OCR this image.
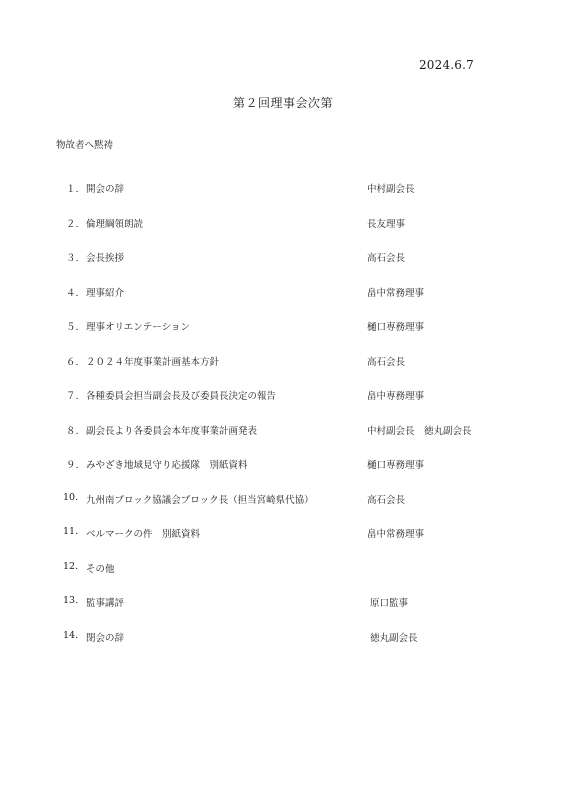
2024.6.7
第２回理事会次第
物故者へ黙祷
１. 開会の辞	中村副会長
２. 倫理綱領朗読	長友理事
３. 会長挨拶	高石会長
４. 理事紹介	畠中常務理事
５. 理事オリエンテーション	樋口専務理事
６. ２０２４年度事業計画基本方針	高石会長
７. 各種委員会担当副会長及び委員長決定の報告	畠中専務理事
８. 副会長より各委員会本年度事業計画発表	中村副会長　徳丸副会長
９. みやざき地域見守り応援隊　別紙資料	樋口専務理事
10. 九州南ブロック協議会ブロック長（担当宮崎県代協）	高石会長
11. ベルマークの件　別紙資料	畠中常務理事
12. その他
13. 監事講評	原口監事
14. 閉会の辞	徳丸副会長
